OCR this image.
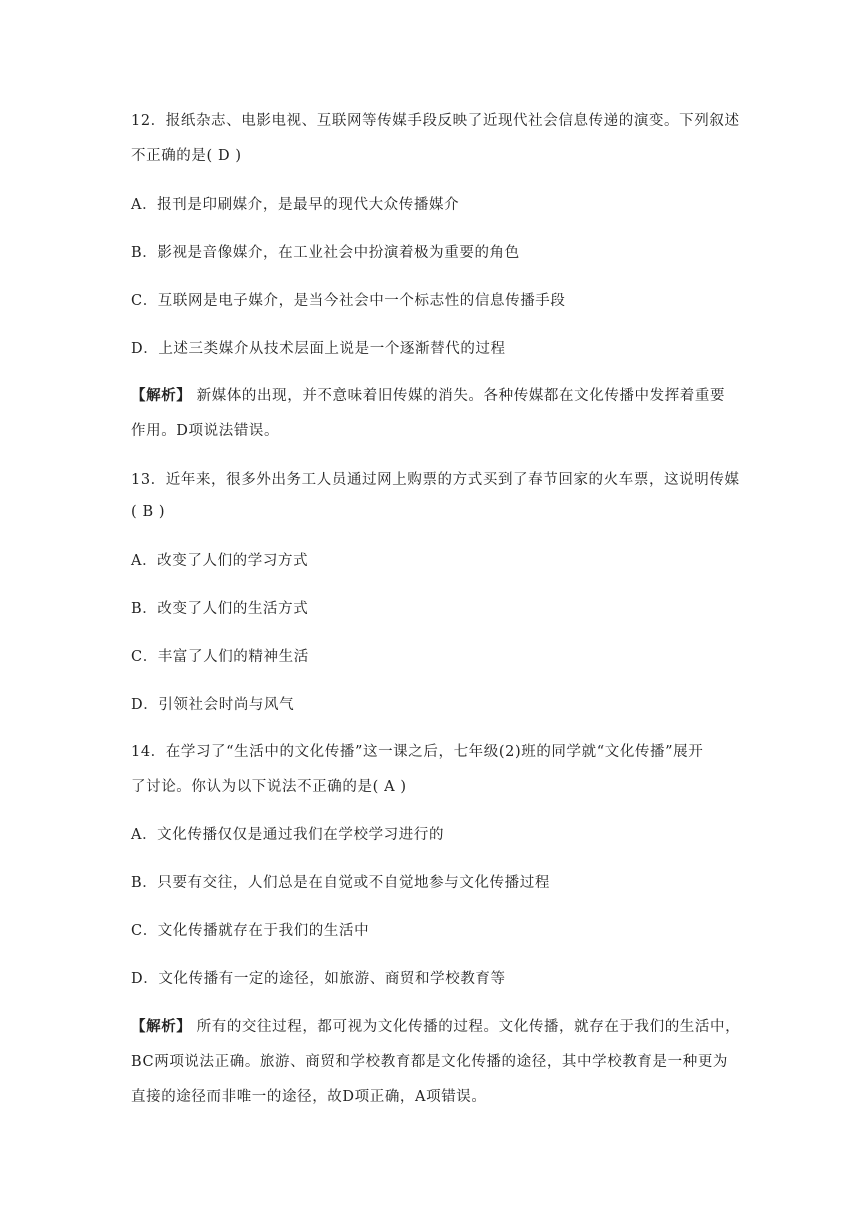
12．报纸杂志、电影电视、互联网等传媒手段反映了近现代社会信息传递的演变。下列叙述
不正确的是( D )
A．报刊是印刷媒介，是最早的现代大众传播媒介
B．影视是音像媒介，在工业社会中扮演着极为重要的角色
C．互联网是电子媒介，是当今社会中一个标志性的信息传播手段
D．上述三类媒介从技术层面上说是一个逐渐替代的过程
【解析】 新媒体的出现，并不意味着旧传媒的消失。各种传媒都在文化传播中发挥着重要
作用。D项说法错误。
13．近年来，很多外出务工人员通过网上购票的方式买到了春节回家的火车票，这说明传媒
( B )
A．改变了人们的学习方式
B．改变了人们的生活方式
C．丰富了人们的精神生活
D．引领社会时尚与风气
14．在学习了“生活中的文化传播”这一课之后，七年级(2)班的同学就“文化传播”展开
了讨论。你认为以下说法不正确的是( A )
A．文化传播仅仅是通过我们在学校学习进行的
B．只要有交往，人们总是在自觉或不自觉地参与文化传播过程
C．文化传播就存在于我们的生活中
D．文化传播有一定的途径，如旅游、商贸和学校教育等
【解析】 所有的交往过程，都可视为文化传播的过程。文化传播，就存在于我们的生活中，
BC两项说法正确。旅游、商贸和学校教育都是文化传播的途径，其中学校教育是一种更为
直接的途径而非唯一的途径，故D项正确，A项错误。
